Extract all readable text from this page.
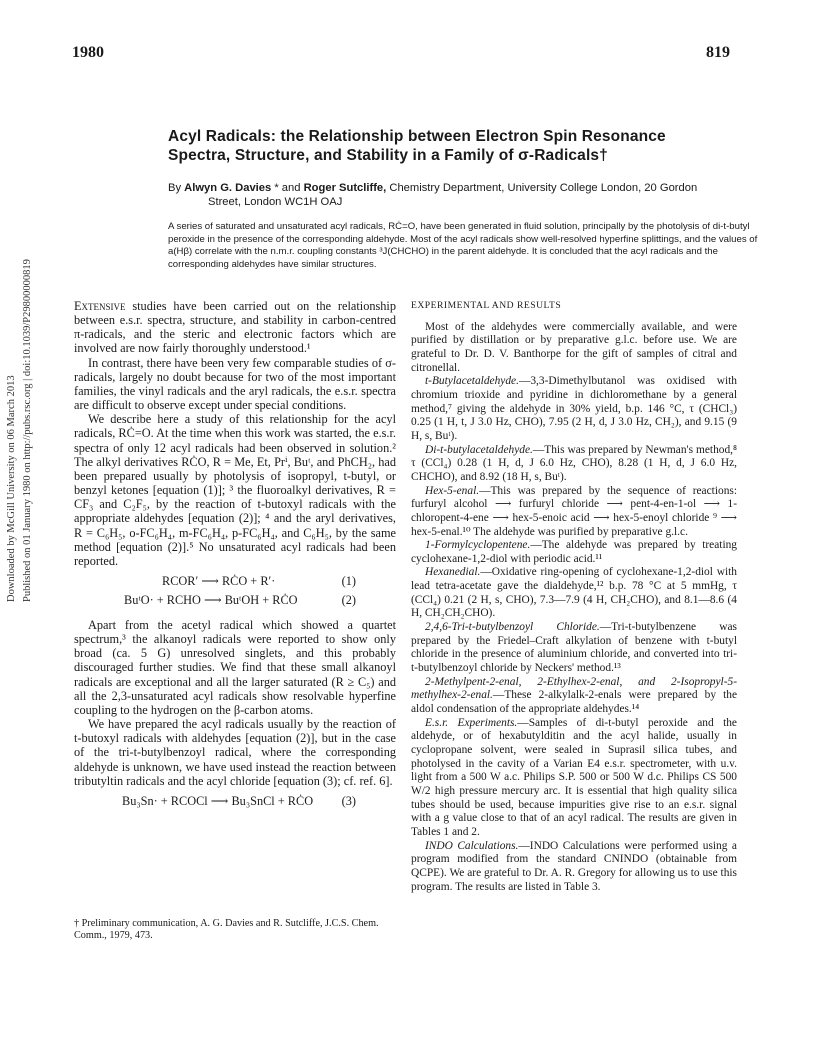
Downloaded by McGill University on 06 March 2013 Published on 01 January 1980 on http://pubs.rsc.org | doi:10.1039/P29800000819
1980	819
Acyl Radicals: the Relationship between Electron Spin Resonance
Spectra, Structure, and Stability in a Family of σ-Radicals†
By Alwyn G. Davies * and Roger Sutcliffe, Chemistry Department, University College London, 20 Gordon
Street, London WC1H OAJ
A series of saturated and unsaturated acyl radicals, RĊ=O, have been generated in fluid solution, principally by the photolysis of di-t-butyl peroxide in the presence of the corresponding aldehyde. Most of the acyl radicals show well-resolved hyperfine splittings, and the values of a(Hβ) correlate with the n.m.r. coupling constants ³J(CHCHO) in the parent aldehyde. It is concluded that the acyl radicals and the corresponding aldehydes have similar structures.

Extensive studies have been carried out on the relationship between e.s.r. spectra, structure, and stability in carbon-centred π-radicals, and the steric and electronic factors which are involved are now fairly thoroughly understood.¹

In contrast, there have been very few comparable studies of σ-radicals, largely no doubt because for two of the most important families, the vinyl radicals and the aryl radicals, the e.s.r. spectra are difficult to observe except under special conditions.

We describe here a study of this relationship for the acyl radicals, RĊ=O. At the time when this work was started, the e.s.r. spectra of only 12 acyl radicals had been observed in solution.² The alkyl derivatives RĊO, R = Me, Et, Prⁱ, Buᵗ, and PhCH₂, had been prepared usually by photolysis of isopropyl, t-butyl, or benzyl ketones [equation (1)]; ³ the fluoroalkyl derivatives, R = CF₃ and C₂F₅, by the reaction of t-butoxyl radicals with the appropriate aldehydes [equation (2)]; ⁴ and the aryl derivatives, R = C₆H₅, o-FC₆H₄, m-FC₆H₄, p-FC₆H₄, and C₆H₅, by the same method [equation (2)].⁵ No unsaturated acyl radicals had been reported.

RCOR′ ⟶ RĊO + R′·	(1)
BuᵗO· + RCHO ⟶ BuᵗOH + RĊO	(2)

Apart from the acetyl radical which showed a quartet spectrum,³ the alkanoyl radicals were reported to show only broad (ca. 5 G) unresolved singlets, and this probably discouraged further studies. We find that these small alkanoyl radicals are exceptional and all the larger saturated (R ≥ C₅) and all the 2,3-unsaturated acyl radicals show resolvable hyperfine coupling to the hydrogen on the β-carbon atoms.

We have prepared the acyl radicals usually by the reaction of t-butoxyl radicals with aldehydes [equation (2)], but in the case of the tri-t-butylbenzoyl radical, where the corresponding aldehyde is unknown, we have used instead the reaction between tributyltin radicals and the acyl chloride [equation (3); cf. ref. 6].

Bu₃Sn· + RCOCl ⟶ Bu₃SnCl + RĊO (3)
† Preliminary communication, A. G. Davies and R. Sutcliffe, J.C.S. Chem. Comm., 1979, 473.

EXPERIMENTAL AND RESULTS

Most of the aldehydes were commercially available, and were purified by distillation or by preparative g.l.c. before use. We are grateful to Dr. D. V. Banthorpe for the gift of samples of citral and citronellal.

t-Butylacetaldehyde.—3,3-Dimethylbutanol was oxidised with chromium trioxide and pyridine in dichloromethane by a general method,⁷ giving the aldehyde in 30% yield, b.p. 146 °C, τ (CHCl₃) 0.25 (1 H, t, J 3.0 Hz, CHO), 7.95 (2 H, d, J 3.0 Hz, CH₂), and 9.15 (9 H, s, Buᵗ).

Di-t-butylacetaldehyde.—This was prepared by Newman's method,⁸ τ (CCl₄) 0.28 (1 H, d, J 6.0 Hz, CHO), 8.28 (1 H, d, J 6.0 Hz, CHCHO), and 8.92 (18 H, s, Buᵗ).

Hex-5-enal.—This was prepared by the sequence of reactions: furfuryl alcohol ⟶ furfuryl chloride ⟶ pent-4-en-1-ol ⟶ 1-chloropent-4-ene ⟶ hex-5-enoic acid ⟶ hex-5-enoyl chloride ⁹ ⟶ hex-5-enal.¹⁰ The aldehyde was purified by preparative g.l.c.

1-Formylcyclopentene.—The aldehyde was prepared by treating cyclohexane-1,2-diol with periodic acid.¹¹

Hexanedial.—Oxidative ring-opening of cyclohexane-1,2-diol with lead tetra-acetate gave the dialdehyde,¹² b.p. 78 °C at 5 mmHg, τ (CCl₄) 0.21 (2 H, s, CHO), 7.3—7.9 (4 H, CH₂CHO), and 8.1—8.6 (4 H, CH₂CH₂CHO).

2,4,6-Tri-t-butylbenzoyl Chloride.—Tri-t-butylbenzene was prepared by the Friedel–Craft alkylation of benzene with t-butyl chloride in the presence of aluminium chloride, and converted into tri-t-butylbenzoyl chloride by Neckers' method.¹³

2-Methylpent-2-enal, 2-Ethylhex-2-enal, and 2-Isopropyl-5-methylhex-2-enal.—These 2-alkylalk-2-enals were prepared by the aldol condensation of the appropriate aldehydes.¹⁴

E.s.r. Experiments.—Samples of di-t-butyl peroxide and the aldehyde, or of hexabutylditin and the acyl halide, usually in cyclopropane solvent, were sealed in Suprasil silica tubes, and photolysed in the cavity of a Varian E4 e.s.r. spectrometer, with u.v. light from a 500 W a.c. Philips S.P. 500 or 500 W d.c. Philips CS 500 W/2 high pressure mercury arc. It is essential that high quality silica tubes should be used, because impurities give rise to an e.s.r. signal with a g value close to that of an acyl radical. The results are given in Tables 1 and 2.

INDO Calculations.—INDO Calculations were performed using a program modified from the standard CNINDO (obtainable from QCPE). We are grateful to Dr. A. R. Gregory for allowing us to use this program. The results are listed in Table 3.
